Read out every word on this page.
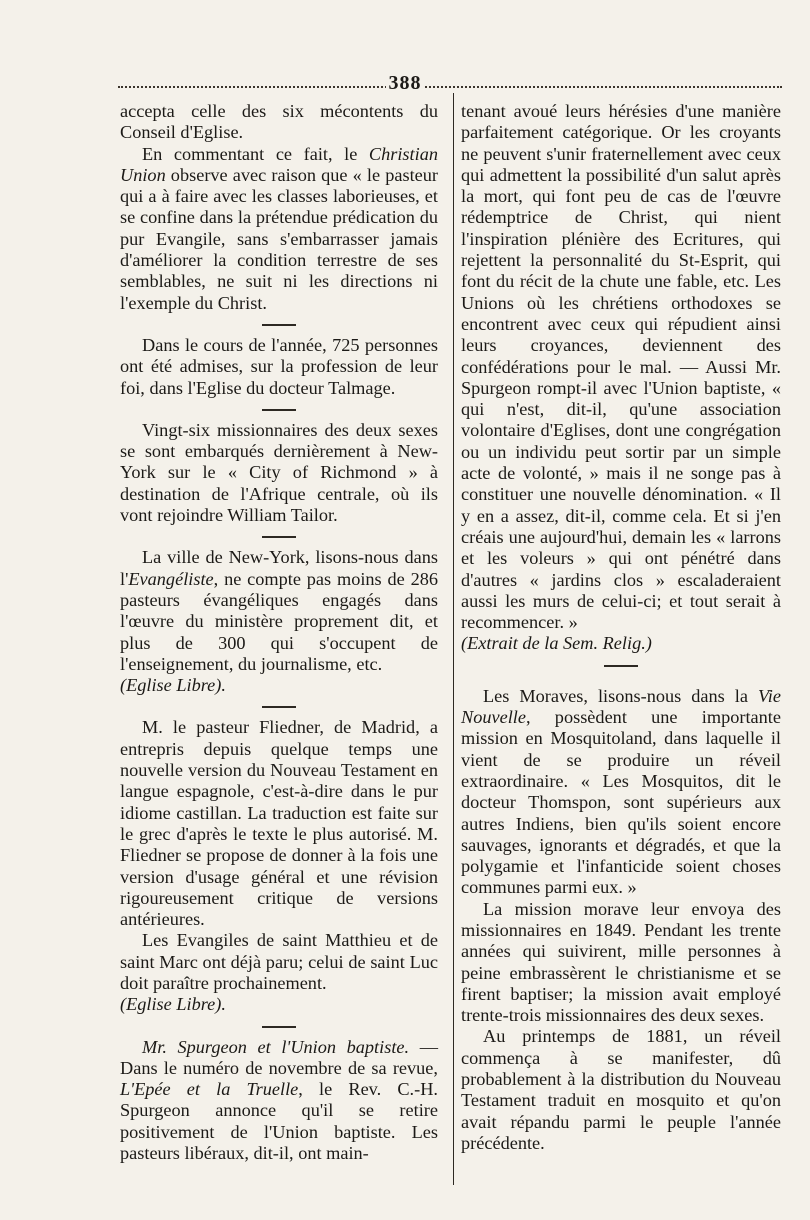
388

accepta celle des six mécontents du Conseil d'Eglise.

En commentant ce fait, le Christian Union observe avec raison que « le pasteur qui a à faire avec les classes laborieuses, et se confine dans la prétendue prédication du pur Evangile, sans s'embarrasser jamais d'améliorer la condition terrestre de ses semblables, ne suit ni les directions ni l'exemple du Christ.

Dans le cours de l'année, 725 personnes ont été admises, sur la profession de leur foi, dans l'Eglise du docteur Talmage.

Vingt-six missionnaires des deux sexes se sont embarqués dernièrement à New-York sur le « City of Richmond » à destination de l'Afrique centrale, où ils vont rejoindre William Tailor.

La ville de New-York, lisons-nous dans l'Evangéliste, ne compte pas moins de 286 pasteurs évangéliques engagés dans l'œuvre du ministère proprement dit, et plus de 300 qui s'occupent de l'enseignement, du journalisme, etc.

(Eglise Libre).

M. le pasteur Fliedner, de Madrid, a entrepris depuis quelque temps une nouvelle version du Nouveau Testament en langue espagnole, c'est-à-dire dans le pur idiome castillan. La traduction est faite sur le grec d'après le texte le plus autorisé. M. Fliedner se propose de donner à la fois une version d'usage général et une révision rigoureusement critique de versions antérieures.

Les Evangiles de saint Matthieu et de saint Marc ont déjà paru; celui de saint Luc doit paraître prochainement.

(Eglise Libre).

Mr. Spurgeon et l'Union baptiste. — Dans le numéro de novembre de sa revue, L'Epée et la Truelle, le Rev. C.-H. Spurgeon annonce qu'il se retire positivement de l'Union baptiste. Les pasteurs libéraux, dit-il, ont main-

tenant avoué leurs hérésies d'une manière parfaitement catégorique. Or les croyants ne peuvent s'unir fraternellement avec ceux qui admettent la possibilité d'un salut après la mort, qui font peu de cas de l'œuvre rédemptrice de Christ, qui nient l'inspiration plénière des Ecritures, qui rejettent la personnalité du St-Esprit, qui font du récit de la chute une fable, etc. Les Unions où les chrétiens orthodoxes se encontrent avec ceux qui répudient ainsi leurs croyances, deviennent des confédérations pour le mal. — Aussi Mr. Spurgeon rompt-il avec l'Union baptiste, « qui n'est, dit-il, qu'une association volontaire d'Eglises, dont une congrégation ou un individu peut sortir par un simple acte de volonté, » mais il ne songe pas à constituer une nouvelle dénomination. « Il y en a assez, dit-il, comme cela. Et si j'en créais une aujourd'hui, demain les « larrons et les voleurs » qui ont pénétré dans d'autres « jardins clos » escaladeraient aussi les murs de celui-ci; et tout serait à recommencer. »

(Extrait de la Sem. Relig.)

Les Moraves, lisons-nous dans la Vie Nouvelle, possèdent une importante mission en Mosquitoland, dans laquelle il vient de se produire un réveil extraordinaire. « Les Mosquitos, dit le docteur Thomspon, sont supérieurs aux autres Indiens, bien qu'ils soient encore sauvages, ignorants et dégradés, et que la polygamie et l'infanticide soient choses communes parmi eux. »

La mission morave leur envoya des missionnaires en 1849. Pendant les trente années qui suivirent, mille personnes à peine embrassèrent le christianisme et se firent baptiser; la mission avait employé trente-trois missionnaires des deux sexes.

Au printemps de 1881, un réveil commença à se manifester, dû probablement à la distribution du Nouveau Testament traduit en mosquito et qu'on avait répandu parmi le peuple l'année précédente.
